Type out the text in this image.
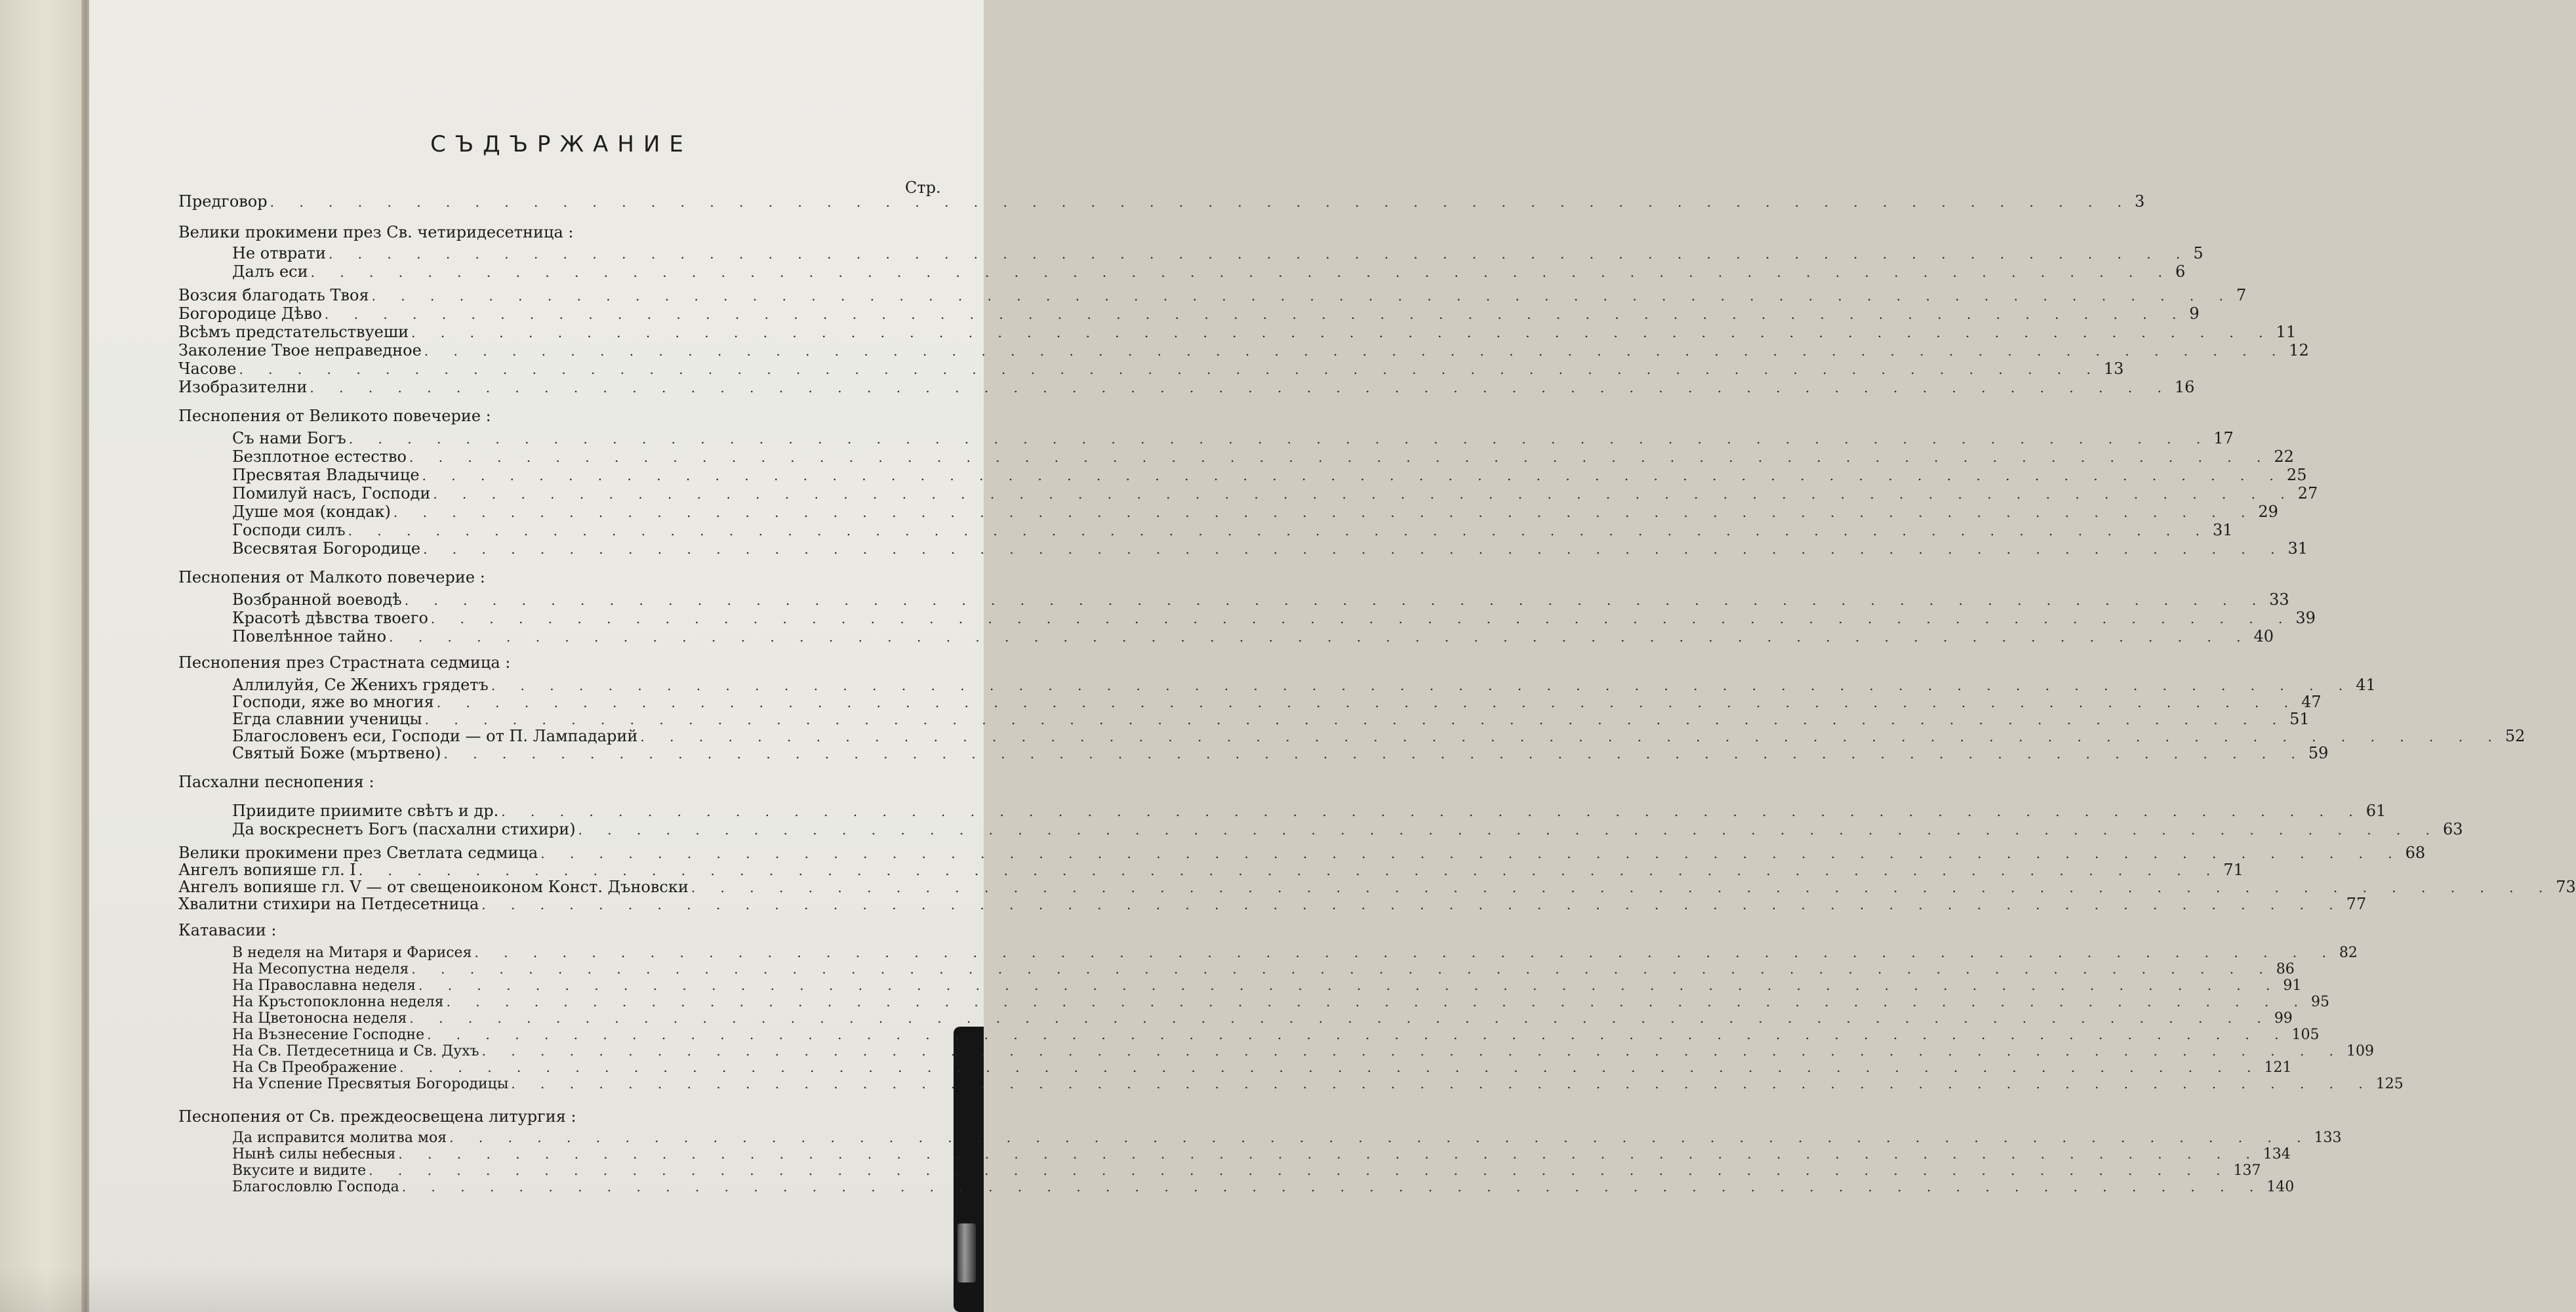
СЪДЪРЖАНИЕ
Стр.
Предговор . . . . . . . . . . . . . . . . . . . . . . . . . . . . . . . . . . . . . . . . . . . . . . . . . . . . . . . . . . . . . . . . 3
Велики прокимени през Св. четиридесетница :
Не отврати . . . . . . . . . . . . . . . . . . . . . . . . . . . . . . . . . . . . . . . . . . . . . . . . . . . . . . . . . . . . . . . . 5
Далъ еси . . . . . . . . . . . . . . . . . . . . . . . . . . . . . . . . . . . . . . . . . . . . . . . . . . . . . . . . . . . . . . . . 6
Возсия благодать Твоя . . . . . . . . . . . . . . . . . . . . . . . . . . . . . . . . . . . . . . . . . . . . . . . . . . . . . . . . . . . . . . . . 7
Богородице Дѣво . . . . . . . . . . . . . . . . . . . . . . . . . . . . . . . . . . . . . . . . . . . . . . . . . . . . . . . . . . . . . . . . 9
Всѣмъ предстательствуеши . . . . . . . . . . . . . . . . . . . . . . . . . . . . . . . . . . . . . . . . . . . . . . . . . . . . . . . . . . . . . . . . 11
Заколение Твое неправедное . . . . . . . . . . . . . . . . . . . . . . . . . . . . . . . . . . . . . . . . . . . . . . . . . . . . . . . . . . . . . . . . 12
Часове . . . . . . . . . . . . . . . . . . . . . . . . . . . . . . . . . . . . . . . . . . . . . . . . . . . . . . . . . . . . . . . . 13
Изобразителни . . . . . . . . . . . . . . . . . . . . . . . . . . . . . . . . . . . . . . . . . . . . . . . . . . . . . . . . . . . . . . . . 16
Песнопения от Великото повечерие :
Съ нами Богъ . . . . . . . . . . . . . . . . . . . . . . . . . . . . . . . . . . . . . . . . . . . . . . . . . . . . . . . . . . . . . . . . 17
Безплотное естество . . . . . . . . . . . . . . . . . . . . . . . . . . . . . . . . . . . . . . . . . . . . . . . . . . . . . . . . . . . . . . . . 22
Пресвятая Владычице . . . . . . . . . . . . . . . . . . . . . . . . . . . . . . . . . . . . . . . . . . . . . . . . . . . . . . . . . . . . . . . . 25
Помилуй насъ, Господи . . . . . . . . . . . . . . . . . . . . . . . . . . . . . . . . . . . . . . . . . . . . . . . . . . . . . . . . . . . . . . . . 27
Душе моя (кондак) . . . . . . . . . . . . . . . . . . . . . . . . . . . . . . . . . . . . . . . . . . . . . . . . . . . . . . . . . . . . . . . . 29
Господи силъ . . . . . . . . . . . . . . . . . . . . . . . . . . . . . . . . . . . . . . . . . . . . . . . . . . . . . . . . . . . . . . . . 31
Всесвятая Богородице . . . . . . . . . . . . . . . . . . . . . . . . . . . . . . . . . . . . . . . . . . . . . . . . . . . . . . . . . . . . . . . . 31
Песнопения от Малкото повечерие :
Возбранной воеводѣ . . . . . . . . . . . . . . . . . . . . . . . . . . . . . . . . . . . . . . . . . . . . . . . . . . . . . . . . . . . . . . . . 33
Красотѣ дѣвства твоего . . . . . . . . . . . . . . . . . . . . . . . . . . . . . . . . . . . . . . . . . . . . . . . . . . . . . . . . . . . . . . . . 39
Повелѣнное тайно . . . . . . . . . . . . . . . . . . . . . . . . . . . . . . . . . . . . . . . . . . . . . . . . . . . . . . . . . . . . . . . . 40
Песнопения през Страстната седмица :
Аллилуйя, Се Женихъ грядетъ . . . . . . . . . . . . . . . . . . . . . . . . . . . . . . . . . . . . . . . . . . . . . . . . . . . . . . . . . . . . . . . . 41
Господи, яже во многия . . . . . . . . . . . . . . . . . . . . . . . . . . . . . . . . . . . . . . . . . . . . . . . . . . . . . . . . . . . . . . . . 47
Егда славнии ученицы . . . . . . . . . . . . . . . . . . . . . . . . . . . . . . . . . . . . . . . . . . . . . . . . . . . . . . . . . . . . . . . . 51
Благословенъ еси, Господи — от П. Лампадарий . . . . . . . . . . . . . . . . . . . . . . . . . . . . . . . . . . . . . . . . . . . . . . . . . . . . . . . . . . . . . . . . 52
Святый Боже (мъртвено) . . . . . . . . . . . . . . . . . . . . . . . . . . . . . . . . . . . . . . . . . . . . . . . . . . . . . . . . . . . . . . . . 59
Пасхални песнопения :
Приидите приимите свѣтъ и др. . . . . . . . . . . . . . . . . . . . . . . . . . . . . . . . . . . . . . . . . . . . . . . . . . . . . . . . . . . . . . . . . 61
Да воскреснетъ Богъ (пасхални стихири) . . . . . . . . . . . . . . . . . . . . . . . . . . . . . . . . . . . . . . . . . . . . . . . . . . . . . . . . . . . . . . . . 63
Велики прокимени през Светлата седмица . . . . . . . . . . . . . . . . . . . . . . . . . . . . . . . . . . . . . . . . . . . . . . . . . . . . . . . . . . . . . . . . 68
Ангелъ вопияше гл. I . . . . . . . . . . . . . . . . . . . . . . . . . . . . . . . . . . . . . . . . . . . . . . . . . . . . . . . . . . . . . . . . 71
Ангелъ вопияше гл. V — от свещеноиконом Конст. Дъновски . . . . . . . . . . . . . . . . . . . . . . . . . . . . . . . . . . . . . . . . . . . . . . . . . . . . . . . . . . . . . . . . 73
Хвалитни стихири на Петдесетница . . . . . . . . . . . . . . . . . . . . . . . . . . . . . . . . . . . . . . . . . . . . . . . . . . . . . . . . . . . . . . . . 77
Катавасии :
В неделя на Митаря и Фарисея . . . . . . . . . . . . . . . . . . . . . . . . . . . . . . . . . . . . . . . . . . . . . . . . . . . . . . . . . . . . . . . . 82
На Месопустна неделя . . . . . . . . . . . . . . . . . . . . . . . . . . . . . . . . . . . . . . . . . . . . . . . . . . . . . . . . . . . . . . . . 86
На Православна неделя . . . . . . . . . . . . . . . . . . . . . . . . . . . . . . . . . . . . . . . . . . . . . . . . . . . . . . . . . . . . . . . . 91
На Кръстопоклонна неделя . . . . . . . . . . . . . . . . . . . . . . . . . . . . . . . . . . . . . . . . . . . . . . . . . . . . . . . . . . . . . . . . 95
На Цветоносна неделя . . . . . . . . . . . . . . . . . . . . . . . . . . . . . . . . . . . . . . . . . . . . . . . . . . . . . . . . . . . . . . . . 99
На Възнесение Господне . . . . . . . . . . . . . . . . . . . . . . . . . . . . . . . . . . . . . . . . . . . . . . . . . . . . . . . . . . . . . . . . 105
На Св. Петдесетница и Св. Духъ . . . . . . . . . . . . . . . . . . . . . . . . . . . . . . . . . . . . . . . . . . . . . . . . . . . . . . . . . . . . . . . . 109
На Св Преображение . . . . . . . . . . . . . . . . . . . . . . . . . . . . . . . . . . . . . . . . . . . . . . . . . . . . . . . . . . . . . . . . 121
На Успение Пресвятыя Богородицы . . . . . . . . . . . . . . . . . . . . . . . . . . . . . . . . . . . . . . . . . . . . . . . . . . . . . . . . . . . . . . . . 125
Песнопения от Св. преждеосвещена литургия :
Да исправится молитва моя . . . . . . . . . . . . . . . . . . . . . . . . . . . . . . . . . . . . . . . . . . . . . . . . . . . . . . . . . . . . . . . . 133
Нынѣ силы небесныя . . . . . . . . . . . . . . . . . . . . . . . . . . . . . . . . . . . . . . . . . . . . . . . . . . . . . . . . . . . . . . . . 134
Вкусите и видите . . . . . . . . . . . . . . . . . . . . . . . . . . . . . . . . . . . . . . . . . . . . . . . . . . . . . . . . . . . . . . . . 137
Благословлю Господа . . . . . . . . . . . . . . . . . . . . . . . . . . . . . . . . . . . . . . . . . . . . . . . . . . . . . . . . . . . . . . . . 140
